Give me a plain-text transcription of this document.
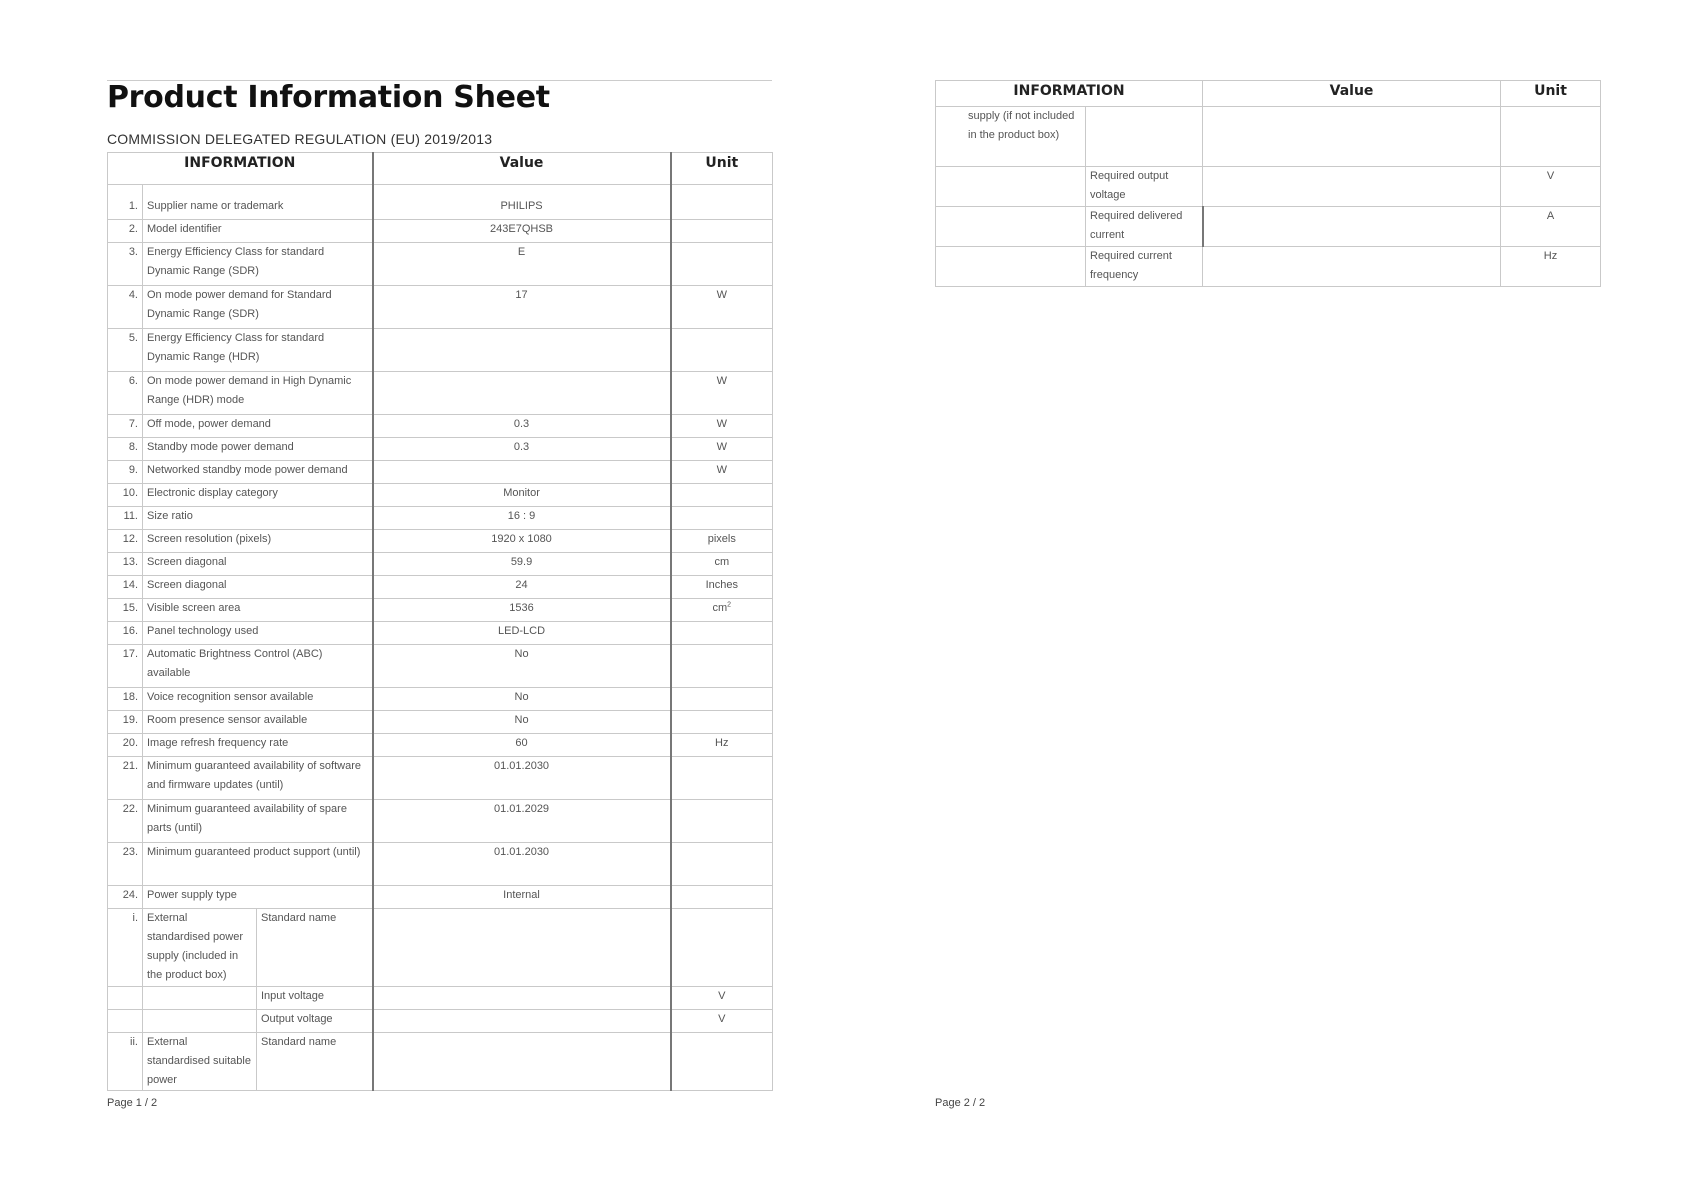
Product Information Sheet
COMMISSION DELEGATED REGULATION (EU) 2019/2013
INFORMATION			Value	Unit
1.	Supplier name or trademark		PHILIPS	
2.	Model identifier		243E7QHSB	
3.	Energy Efficiency Class for standard Dynamic Range (SDR)		E	
4.	On mode power demand for Standard Dynamic Range (SDR)		17	W
5.	Energy Efficiency Class for standard Dynamic Range (HDR)			
6.	On mode power demand in High Dynamic Range (HDR) mode			W
7.	Off mode, power demand		0.3	W
8.	Standby mode power demand		0.3	W
9.	Networked standby mode power demand			W
10.	Electronic display category		Monitor	
11.	Size ratio		16 : 9	
12.	Screen resolution (pixels)		1920 x 1080	pixels
13.	Screen diagonal		59.9	cm
14.	Screen diagonal		24	Inches
15.	Visible screen area		1536	$cm^2$
16.	Panel technology used		LED-LCD	
17.	Automatic Brightness Control (ABC) available		No	
18.	Voice recognition sensor available		No	
19.	Room presence sensor available		No	
20.	Image refresh frequency rate		60	Hz
21.	Minimum guaranteed availability of software and firmware updates (until)		01.01.2030	
22.	Minimum guaranteed availability of spare parts (until)		01.01.2029	
23.	Minimum guaranteed product support (until)		01.01.2030	
24.	Power supply type		Internal	
i.	External standardised power supply (included in the product box)	Standard name		
		Input voltage		V
		Output voltage		V
ii.	External standardised suitable power	Standard name		
Page 1 / 2
INFORMATION		Value	Unit
supply (if not included in the product box)			
	Required output voltage		V
	Required delivered current		A
	Required current frequency		Hz
Page 2 / 2
